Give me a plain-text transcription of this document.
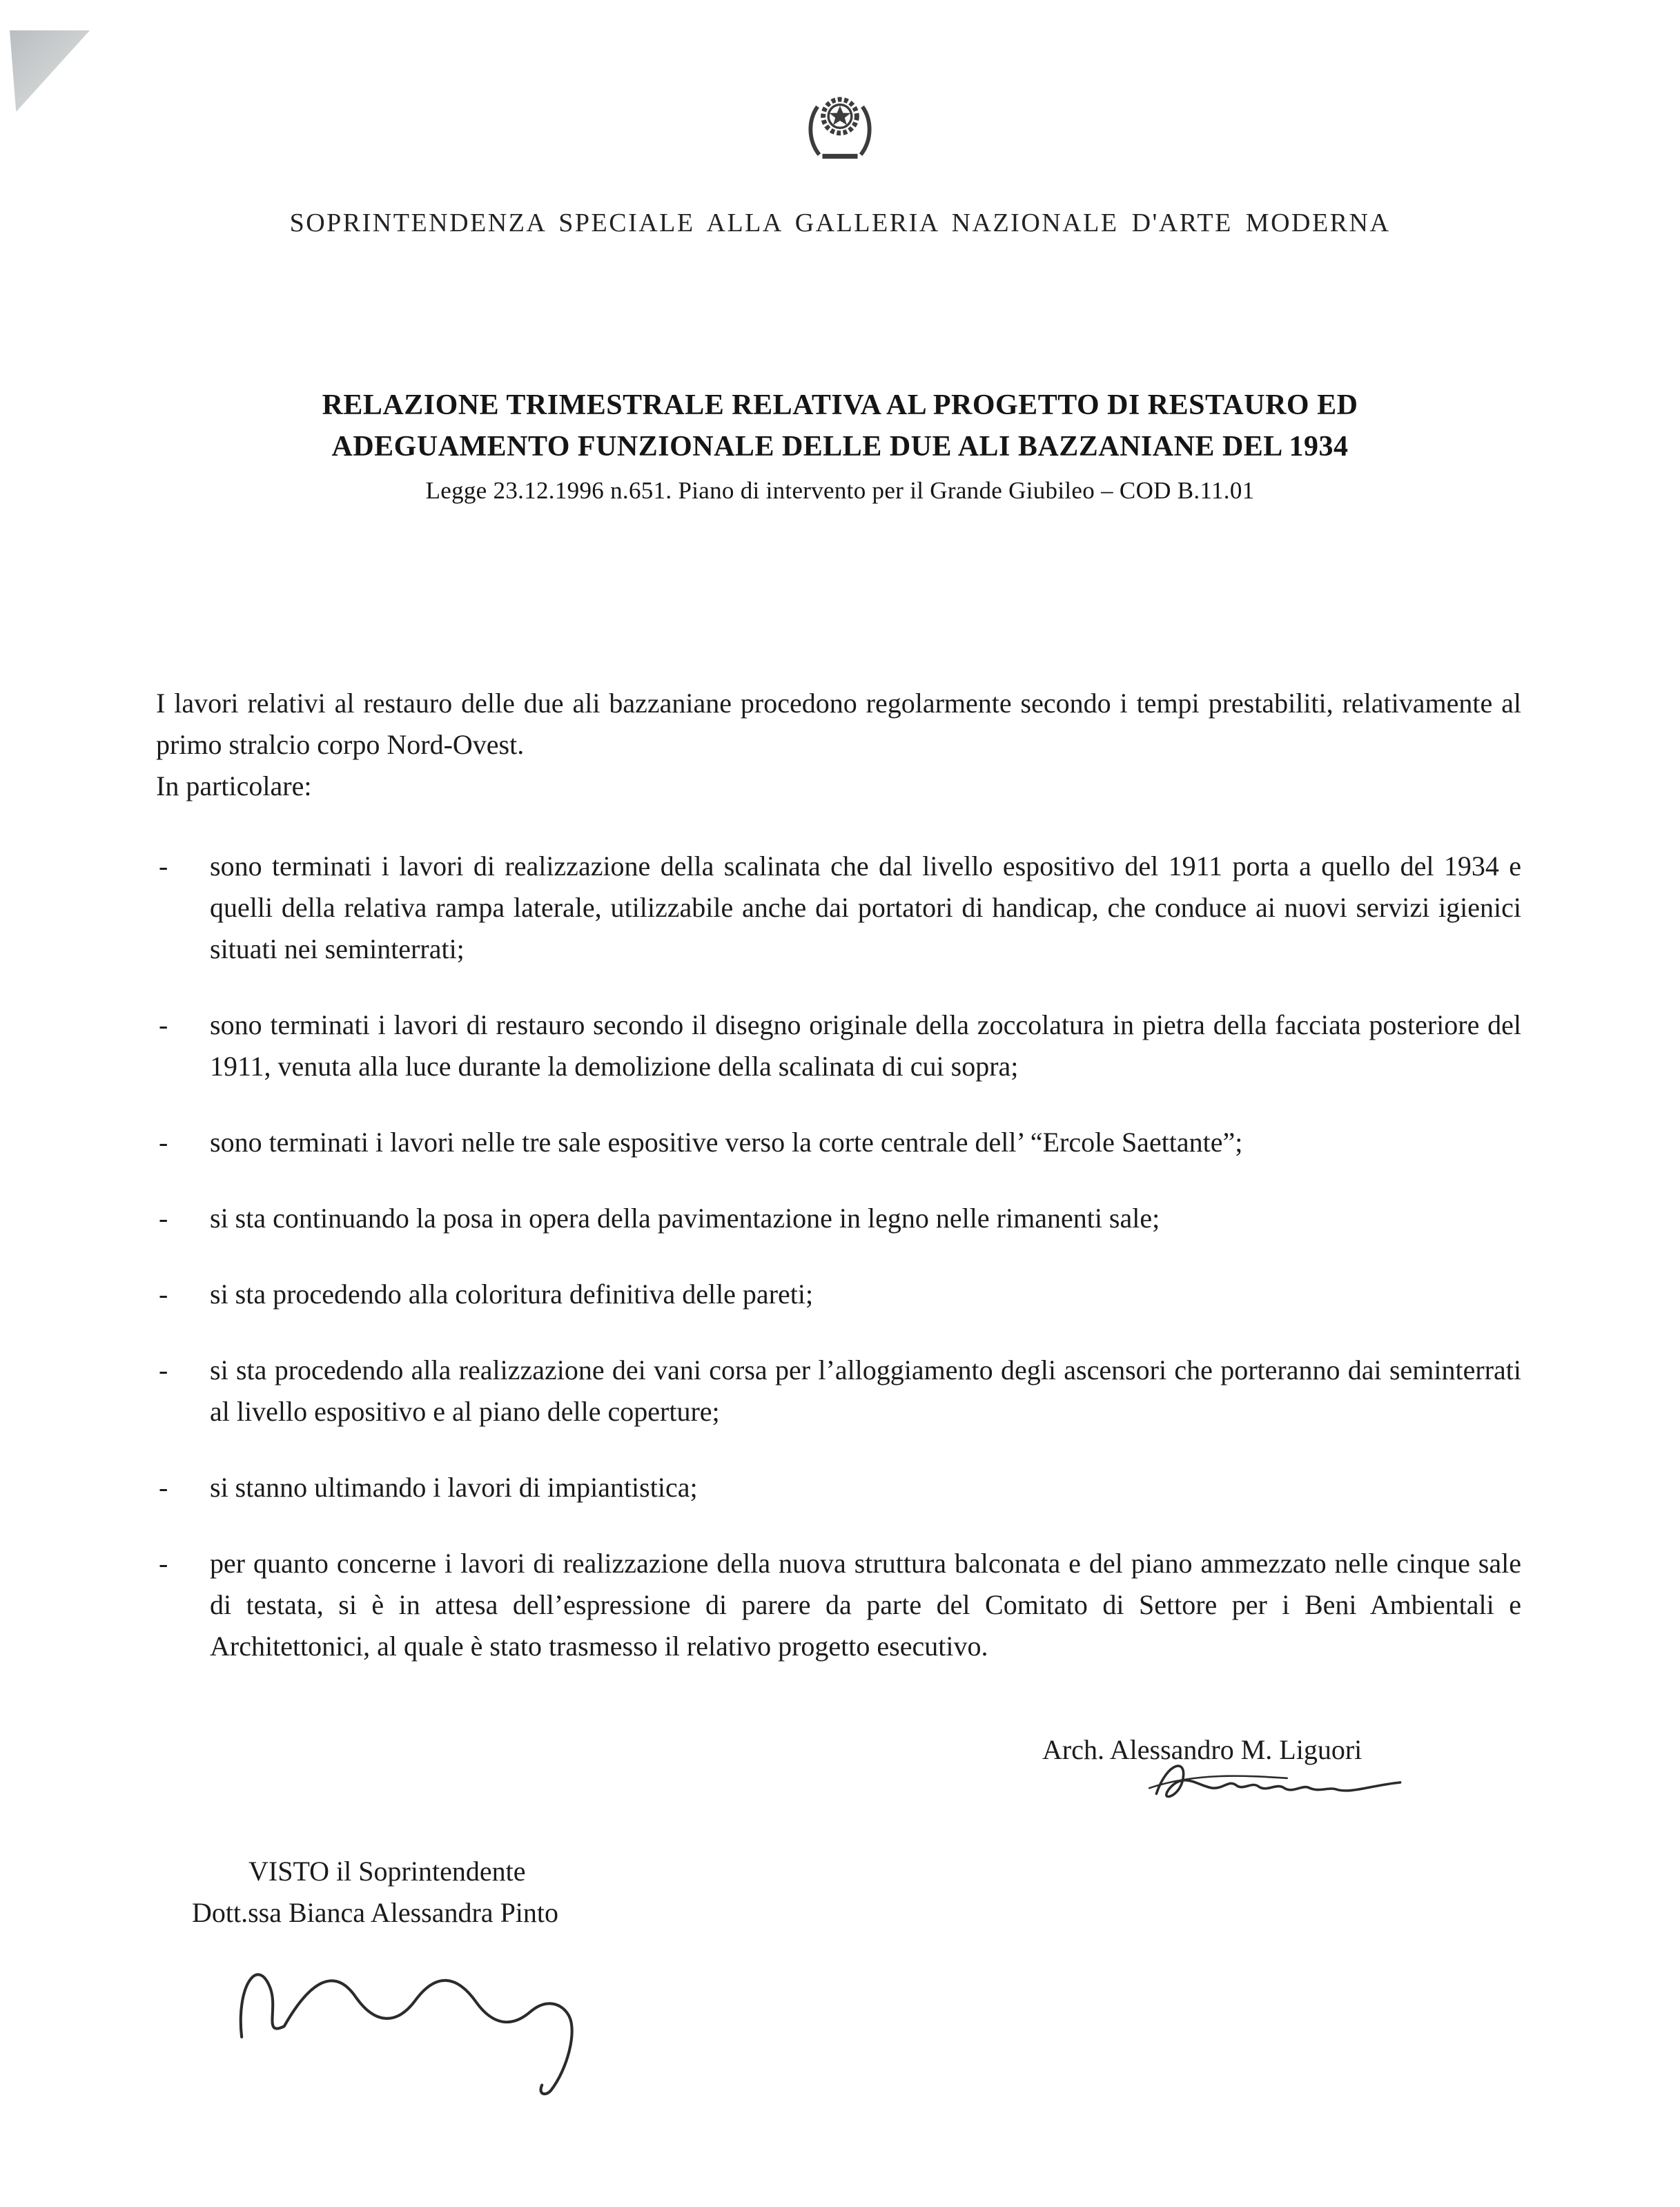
SOPRINTENDENZA SPECIALE ALLA GALLERIA NAZIONALE D'ARTE MODERNA
RELAZIONE TRIMESTRALE RELATIVA AL PROGETTO DI RESTAURO ED
ADEGUAMENTO FUNZIONALE DELLE DUE ALI BAZZANIANE DEL 1934
Legge 23.12.1996 n.651. Piano di intervento per il Grande Giubileo – COD B.11.01

I lavori relativi al restauro delle due ali bazzaniane procedono regolarmente secondo i tempi prestabiliti, relativamente al primo stralcio corpo Nord-Ovest.

In particolare:

-	sono terminati i lavori di realizzazione della scalinata che dal livello espositivo del 1911 porta a quello del 1934 e quelli della relativa rampa laterale, utilizzabile anche dai portatori di handicap, che conduce ai nuovi servizi igienici situati nei seminterrati;
-	sono terminati i lavori di restauro secondo il disegno originale della zoccolatura in pietra della facciata posteriore del 1911, venuta alla luce durante la demolizione della scalinata di cui sopra;
-	sono terminati i lavori nelle tre sale espositive verso la corte centrale dell’ “Ercole Saettante”;
-	si sta continuando la posa in opera della pavimentazione in legno nelle rimanenti sale;
-	si sta procedendo alla coloritura definitiva delle pareti;
-	si sta procedendo alla realizzazione dei vani corsa per l’alloggiamento degli ascensori che porteranno dai seminterrati al livello espositivo e al piano delle coperture;
-	si stanno ultimando i lavori di impiantistica;
-	per quanto concerne i lavori di realizzazione della nuova struttura balconata e del piano ammezzato nelle cinque sale di testata, si è in attesa dell’espressione di parere da parte del Comitato di Settore per i Beni Ambientali e Architettonici, al quale è stato trasmesso il relativo progetto esecutivo.
Arch. Alessandro M. Liguori
VISTO il Soprintendente
Dott.ssa Bianca Alessandra Pinto
